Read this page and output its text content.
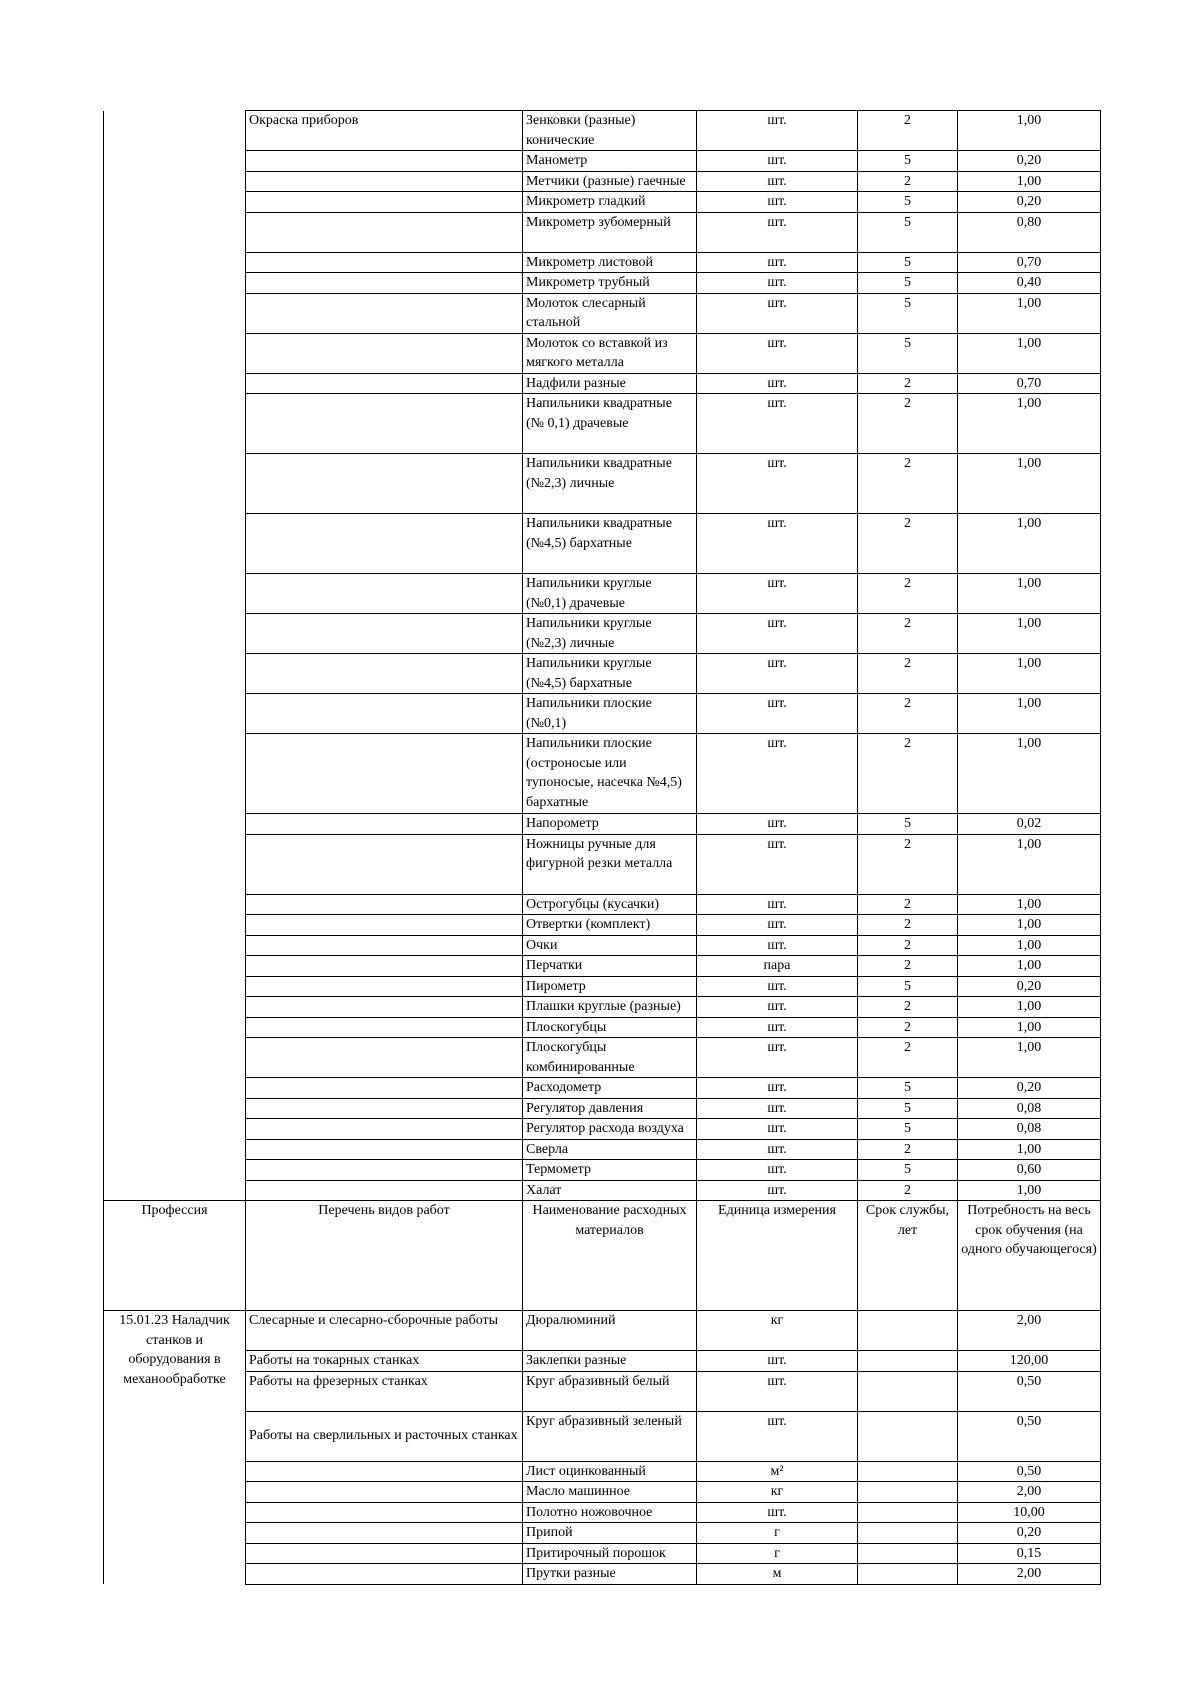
	Окраска приборов	Зенковки (разные) конические	шт.	2	1,00
		Манометр	шт.	5	0,20
		Метчики (разные) гаечные	шт.	2	1,00
		Микрометр гладкий	шт.	5	0,20
		Микрометр зубомерный	шт.	5	0,80
		Микрометр листовой	шт.	5	0,70
		Микрометр трубный	шт.	5	0,40
		Молоток слесарный стальной	шт.	5	1,00
		Молоток со вставкой из мягкого металла	шт.	5	1,00
		Надфили разные	шт.	2	0,70
		Напильники квадратные (№ 0,1) драчевые	шт.	2	1,00
		Напильники квадратные (№2,3) личные	шт.	2	1,00
		Напильники квадратные (№4,5) бархатные	шт.	2	1,00
		Напильники круглые (№0,1) драчевые	шт.	2	1,00
		Напильники круглые (№2,3) личные	шт.	2	1,00
		Напильники круглые (№4,5) бархатные	шт.	2	1,00
		Напильники плоские (№0,1)	шт.	2	1,00
		Напильники плоские (остроносые или тупоносые, насечка №4,5) бархатные	шт.	2	1,00
		Напорометр	шт.	5	0,02
		Ножницы ручные для фигурной резки металла	шт.	2	1,00
		Острогубцы (кусачки)	шт.	2	1,00
		Отвертки (комплект)	шт.	2	1,00
		Очки	шт.	2	1,00
		Перчатки	пара	2	1,00
		Пирометр	шт.	5	0,20
		Плашки круглые (разные)	шт.	2	1,00
		Плоскогубцы	шт.	2	1,00
		Плоскогубцы комбинированные	шт.	2	1,00
		Расходометр	шт.	5	0,20
		Регулятор давления	шт.	5	0,08
		Регулятор расхода воздуха	шт.	5	0,08
		Сверла	шт.	2	1,00
		Термометр	шт.	5	0,60
		Халат	шт.	2	1,00
Профессия	Перечень видов работ	Наименование расходных материалов	Единица измерения	Срок службы, лет	Потребность на весь срок обучения (на одного обучающегося)
15.01.23 Наладчик станков и оборудования в механообработке	Слесарные и слесарно-сборочные работы	Дюралюминий	кг		2,00
	Работы на токарных станках	Заклепки разные	шт.		120,00
	Работы на фрезерных станках	Круг абразивный белый	шт.		0,50
	Работы на сверлильных и расточных станках	Круг абразивный зеленый	шт.		0,50
		Лист оцинкованный	м²		0,50
		Масло машинное	кг		2,00
		Полотно ножовочное	шт.		10,00
		Припой	г		0,20
		Притирочный порошок	г		0,15
		Прутки разные	м		2,00
